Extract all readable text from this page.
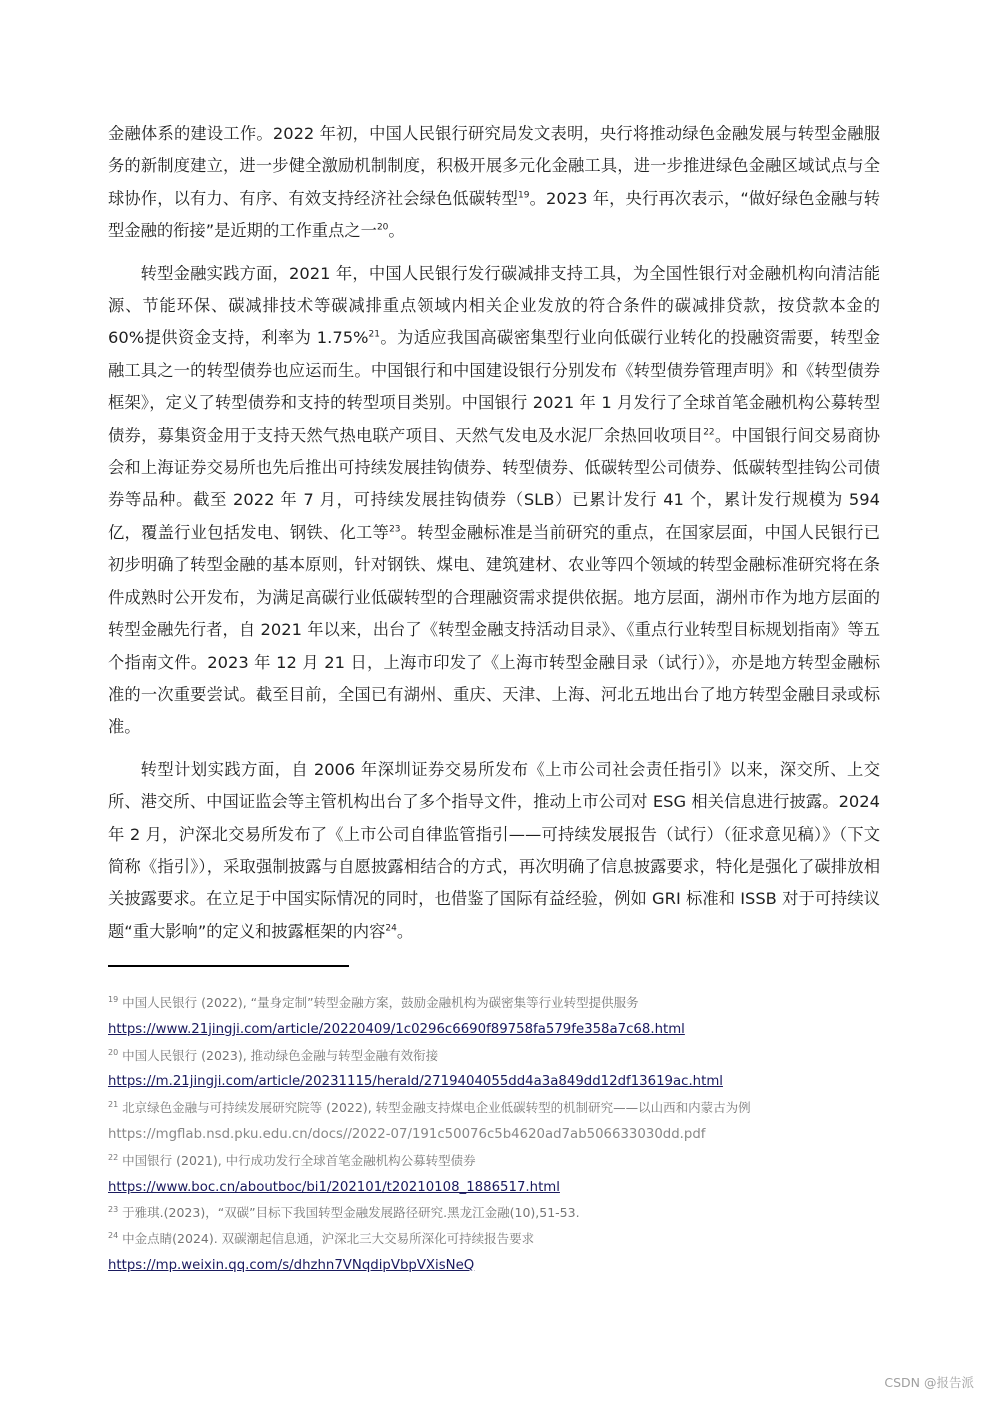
金融体系的建设工作。2022 年初，中国人民银行研究局发文表明，央行将推动绿色金融发展与转型金融服务的新制度建立，进一步健全激励机制制度，积极开展多元化金融工具，进一步推进绿色金融区域试点与全球协作，以有力、有序、有效支持经济社会绿色低碳转型$^{19}$。2023 年，央行再次表示，“做好绿色金融与转型金融的衔接”是近期的工作重点之一$^{20}$。

转型金融实践方面，2021 年，中国人民银行发行碳减排支持工具，为全国性银行对金融机构向清洁能源、节能环保、碳减排技术等碳减排重点领域内相关企业发放的符合条件的碳减排贷款，按贷款本金的 60%提供资金支持，利率为 1.75%$^{21}$。为适应我国高碳密集型行业向低碳行业转化的投融资需要，转型金融工具之一的转型债券也应运而生。中国银行和中国建设银行分别发布《转型债券管理声明》和《转型债券框架》，定义了转型债券和支持的转型项目类别。中国银行 2021 年 1 月发行了全球首笔金融机构公募转型债券，募集资金用于支持天然气热电联产项目、天然气发电及水泥厂余热回收项目$^{22}$。中国银行间交易商协会和上海证券交易所也先后推出可持续发展挂钩债券、转型债券、低碳转型公司债券、低碳转型挂钩公司债券等品种。截至 2022 年 7 月，可持续发展挂钩债券（SLB）已累计发行 41 个，累计发行规模为 594 亿，覆盖行业包括发电、钢铁、化工等$^{23}$。转型金融标准是当前研究的重点，在国家层面，中国人民银行已初步明确了转型金融的基本原则，针对钢铁、煤电、建筑建材、农业等四个领域的转型金融标准研究将在条件成熟时公开发布，为满足高碳行业低碳转型的合理融资需求提供依据。地方层面，湖州市作为地方层面的转型金融先行者，自 2021 年以来，出台了《转型金融支持活动目录》、《重点行业转型目标规划指南》等五个指南文件。2023 年 12 月 21 日，上海市印发了《上海市转型金融目录（试行）》，亦是地方转型金融标准的一次重要尝试。截至目前，全国已有湖州、重庆、天津、上海、河北五地出台了地方转型金融目录或标准。

转型计划实践方面，自 2006 年深圳证券交易所发布《上市公司社会责任指引》以来，深交所、上交所、港交所、中国证监会等主管机构出台了多个指导文件，推动上市公司对 ESG 相关信息进行披露。2024 年 2 月，沪深北交易所发布了《上市公司自律监管指引——可持续发展报告（试行）（征求意见稿）》（下文简称《指引》），采取强制披露与自愿披露相结合的方式，再次明确了信息披露要求，特化是强化了碳排放相关披露要求。在立足于中国实际情况的同时，也借鉴了国际有益经验，例如 GRI 标准和 ISSB 对于可持续议题“重大影响”的定义和披露框架的内容$^{24}$。

$^{19}$ 中国人民银行 (2022), “量身定制”转型金融方案，鼓励金融机构为碳密集等行业转型提供服务
https://www.21jingji.com/article/20220409/1c0296c6690f89758fa579fe358a7c68.html
$^{20}$ 中国人民银行 (2023), 推动绿色金融与转型金融有效衔接
https://m.21jingji.com/article/20231115/herald/2719404055dd4a3a849dd12df13619ac.html
$^{21}$ 北京绿色金融与可持续发展研究院等 (2022), 转型金融支持煤电企业低碳转型的机制研究——以山西和内蒙古为例
https://mgflab.nsd.pku.edu.cn/docs//2022-07/191c50076c5b4620ad7ab506633030dd.pdf
$^{22}$ 中国银行 (2021), 中行成功发行全球首笔金融机构公募转型债券
https://www.boc.cn/aboutboc/bi1/202101/t20210108_1886517.html
$^{23}$ 于雅琪.(2023)，“双碳”目标下我国转型金融发展路径研究.黑龙江金融(10),51-53.
$^{24}$ 中金点睛(2024). 双碳潮起信息通，沪深北三大交易所深化可持续报告要求
https://mp.weixin.qq.com/s/dhzhn7VNqdipVbpVXisNeQ
CSDN @报告派
